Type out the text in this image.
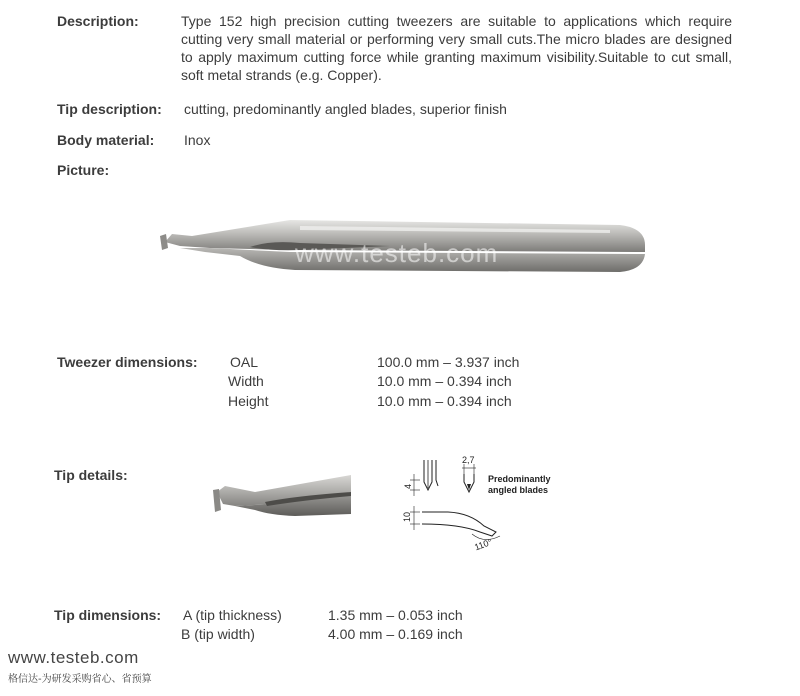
Description:	Type 152 high precision cutting tweezers are suitable to applications which require cutting very small material or performing very small cuts.The micro blades are designed to apply maximum cutting force while granting maximum visibility.Suitable to cut small, soft metal strands (e.g. Copper).
Tip description: cutting, predominantly angled blades, superior finish
Body material: Inox
Picture:
www.testeb.com
格信达-为研发采购省心、省预算
Tweezer dimensions: OAL	100.0 mm – 3.937 inch
Width	10.0 mm – 0.394 inch
Height	10.0 mm – 0.394 inch
Tip details:
4
2,7
Predominantly
angled blades
10
110°
Tip dimensions: A (tip thickness)	1.35 mm – 0.053 inch
B (tip width)	4.00 mm – 0.169 inch
www.testeb.com
格信达-为研发采购省心、省预算
